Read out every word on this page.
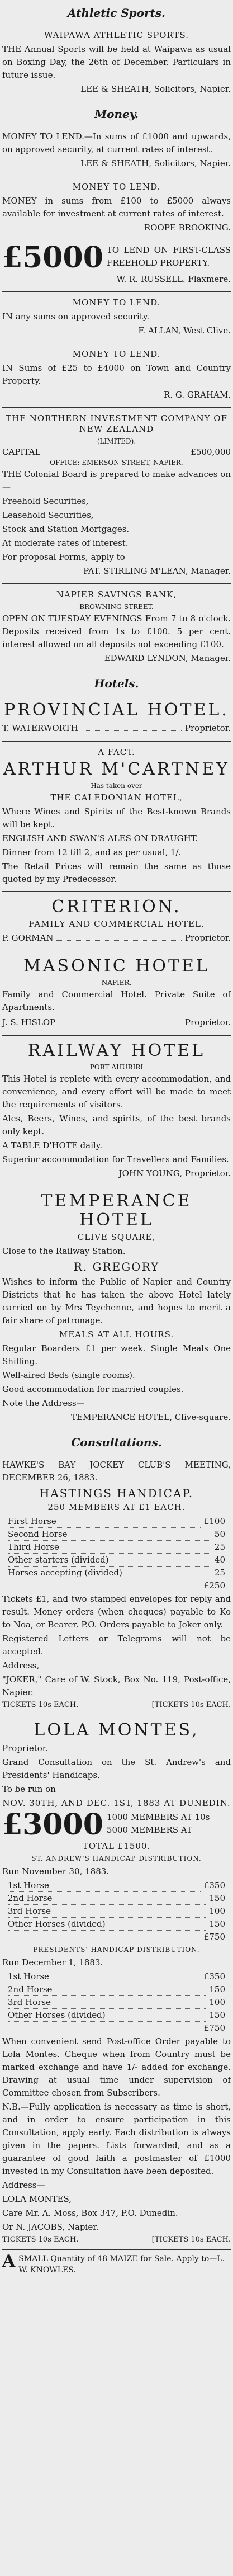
Athletic Sports.
WAIPAWA ATHLETIC SPORTS.
THE Annual Sports will be held at Waipawa as usual on Boxing Day, the 26th of December. Particulars in future issue.
LEE & SHEATH, Solicitors, Napier.
Money.
MONEY TO LEND.—In sums of £1000 and upwards, on approved security, at current rates of interest.
LEE & SHEATH, Solicitors, Napier.
MONEY TO LEND.
MONEY in sums from £100 to £5000 always available for investment at current rates of interest.
ROOPE BROOKING.
£5000 TO LEND ON FIRST-CLASS FREEHOLD PROPERTY.
W. R. RUSSELL. Flaxmere.
MONEY TO LEND.
IN any sums on approved security.
F. ALLAN, West Clive.
MONEY TO LEND.
IN Sums of £25 to £4000 on Town and Country Property.
R. G. GRAHAM.
THE NORTHERN INVESTMENT COMPANY OF NEW ZEALAND
(LIMITED).
CAPITAL	£500,000
OFFICE: EMERSON STREET, NAPIER.
THE Colonial Board is prepared to make advances on—
Freehold Securities,
Leasehold Securities,
Stock and Station Mortgages.
At moderate rates of interest.
For proposal Forms, apply to
PAT. STIRLING M'LEAN, Manager.
NAPIER SAVINGS BANK,
BROWNING-STREET.
OPEN ON TUESDAY EVENINGS From 7 to 8 o'clock. Deposits received from 1s to £100. 5 per cent. interest allowed on all deposits not exceeding £100.
EDWARD LYNDON, Manager.
Hotels.
PROVINCIAL HOTEL.
T. WATERWORTH	Proprietor.
A FACT.
ARTHUR M'CARTNEY
—Has taken over—
THE CALEDONIAN HOTEL,
Where Wines and Spirits of the Best-known Brands will be kept.
ENGLISH AND SWAN'S ALES ON DRAUGHT.
Dinner from 12 till 2, and as per usual, 1/.
The Retail Prices will remain the same as those quoted by my Predecessor.
CRITERION.
FAMILY AND COMMERCIAL HOTEL.
P. GORMAN	Proprietor.
MASONIC HOTEL
NAPIER.
Family and Commercial Hotel. Private Suite of Apartments.
J. S. HISLOP	Proprietor.
RAILWAY HOTEL
PORT AHURIRI
This Hotel is replete with every accommodation, and convenience, and every effort will be made to meet the requirements of visitors.
Ales, Beers, Wines, and spirits, of the best brands only kept.
A TABLE D'HOTE daily.
Superior accommodation for Travellers and Families.
JOHN YOUNG, Proprietor.
TEMPERANCE HOTEL
CLIVE SQUARE,
Close to the Railway Station.
R. GREGORY
Wishes to inform the Public of Napier and Country Districts that he has taken the above Hotel lately carried on by Mrs Teychenne, and hopes to merit a fair share of patronage.
MEALS AT ALL HOURS.
Regular Boarders £1 per week. Single Meals One Shilling.
Well-aired Beds (single rooms).
Good accommodation for married couples.
Note the Address—
TEMPERANCE HOTEL, Clive-square.
Consultations.
HAWKE'S BAY JOCKEY CLUB'S MEETING, DECEMBER 26, 1883.
HASTINGS HANDICAP.
250 MEMBERS AT £1 EACH.
First Horse	£100
Second Horse	50
Third Horse	25
Other starters (divided)	40
Horses accepting (divided)	25
£250
Tickets £1, and two stamped envelopes for reply and result. Money orders (when cheques) payable to Ko to Noa, or Bearer. P.O. Orders payable to Joker only.
Registered Letters or Telegrams will not be accepted.
Address,
"JOKER," Care of W. Stock, Box No. 119, Post-office, Napier.
TICKETS 10s EACH.	[TICKETS 10s EACH.
LOLA MONTES,
Proprietor.
Grand Consultation on the St. Andrew's and Presidents' Handicaps.
To be run on
NOV. 30TH, AND DEC. 1ST, 1883 AT DUNEDIN.
£3000 1000 MEMBERS AT 10s
5000 MEMBERS AT
TOTAL £1500.
ST. ANDREW'S HANDICAP DISTRIBUTION.
Run November 30, 1883.
1st Horse	£350
2nd Horse	150
3rd Horse	100
Other Horses (divided)	150
£750
PRESIDENTS' HANDICAP DISTRIBUTION.
Run December 1, 1883.
1st Horse	£350
2nd Horse	150
3rd Horse	100
Other Horses (divided)	150
£750
When convenient send Post-office Order payable to Lola Montes. Cheque when from Country must be marked exchange and have 1/- added for exchange. Drawing at usual time under supervision of Committee chosen from Subscribers.
N.B.—Fully application is necessary as time is short, and in order to ensure participation in this Consultation, apply early. Each distribution is always given in the papers. Lists forwarded, and as a guarantee of good faith a postmaster of £1000 invested in my Consultation have been deposited.
Address—
LOLA MONTES,
Care Mr. A. Moss, Box 347, P.O. Dunedin.
Or N. JACOBS, Napier.
TICKETS 10s EACH.	[TICKETS 10s EACH.
A SMALL Quantity of 48 MAIZE for Sale. Apply to—L. W. KNOWLES.
